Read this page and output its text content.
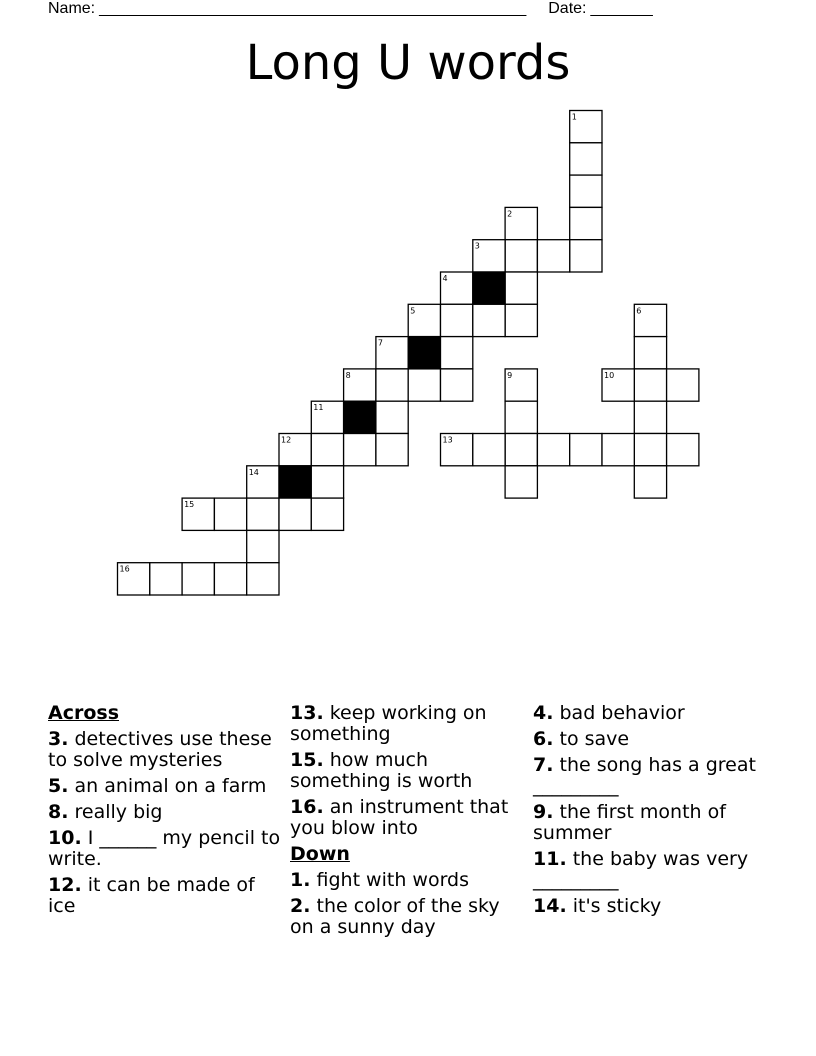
Name: ________________________________________________ Date: _______
Long U words
1
2
3
4
5
7
8
11
12
14
15
16
6
9	10
13
Across
3. detectives use these to solve mysteries
5. an animal on a farm
8. really big
10. I ______ my pencil to write.
12. it can be made of ice
13. keep working on something
15. how much something is worth
16. an instrument that you blow into
Down
1. fight with words
2. the color of the sky on a sunny day
4. bad behavior
6. to save
7. the song has a great _________
9. the first month of summer
11. the baby was very _________
14. it's sticky
